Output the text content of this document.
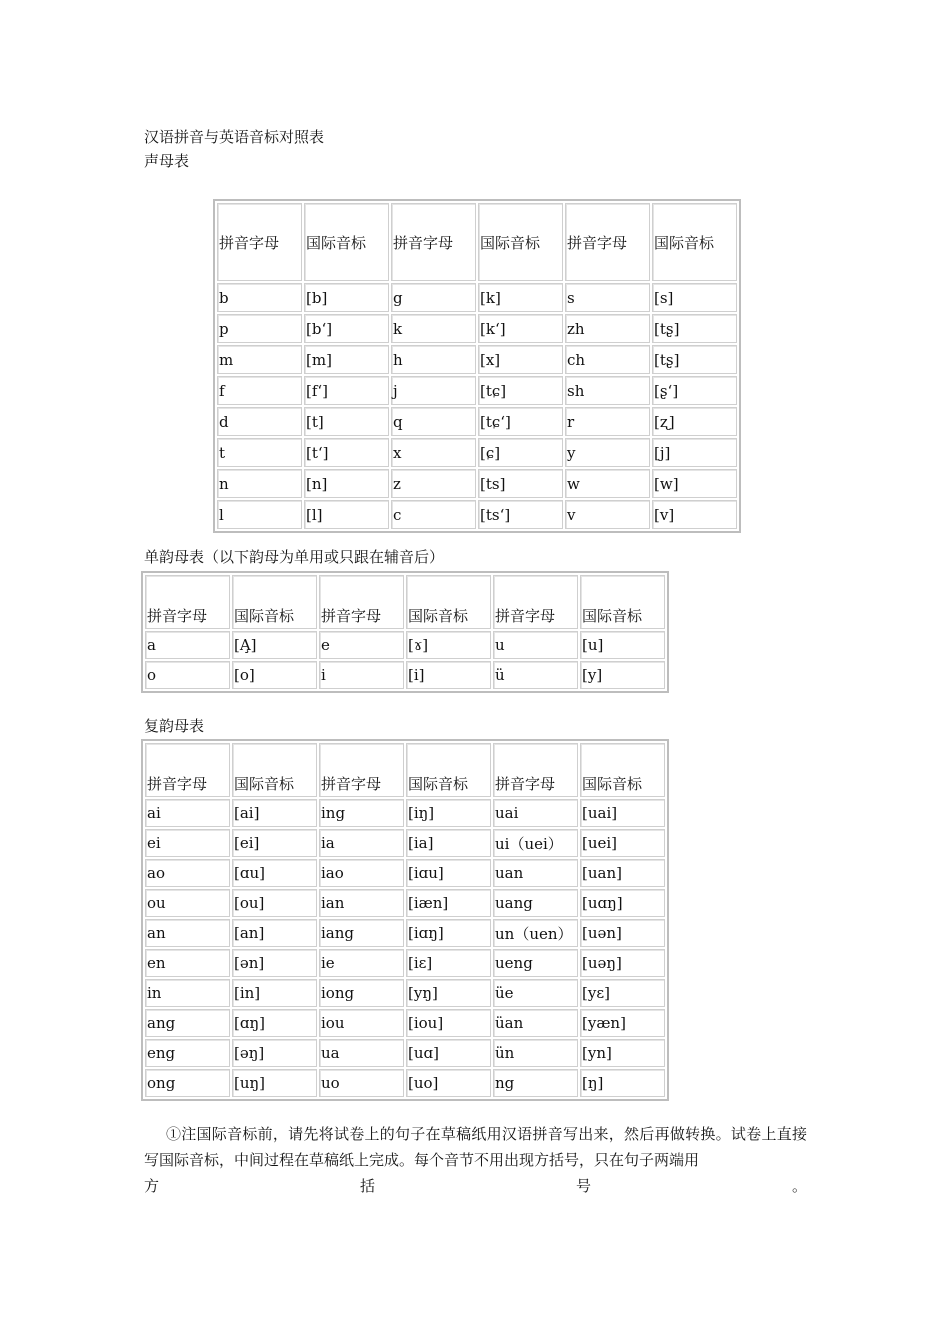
汉语拼音与英语音标对照表
声母表
拼音字母	国际音标	拼音字母	国际音标	拼音字母	国际音标
b	[b]	g	[k]	s	[s]
p	[b‘]	k	[k‘]	zh	[tʂ]
m	[m]	h	[x]	ch	[tʂ]
f	[f‘]	j	[tɕ]	sh	[ʂ‘]
d	[t]	q	[tɕ‘]	r	[ʐ]
t	[t‘]	x	[ɕ]	y	[j]
n	[n]	z	[ts]	w	[w]
l	[l]	c	[ts‘]	v	[v]
单韵母表（以下韵母为单用或只跟在辅音后）
拼音字母	国际音标	拼音字母	国际音标	拼音字母	国际音标
a	[A̧]	e	[ɤ]	u	[u]
o	[o]	i	[i]	ü	[y]
复韵母表
拼音字母	国际音标	拼音字母	国际音标	拼音字母	国际音标
ai	[ai]	ing	[iŋ]	uai	[uai]
ei	[ei]	ia	[ia]	ui（uei）	[uei]
ao	[ɑu]	iao	[iɑu]	uan	[uan]
ou	[ou]	ian	[iæn]	uang	[uɑŋ]
an	[an]	iang	[iɑŋ]	un（uen）	[uən]
en	[ən]	ie	[iɛ]	ueng	[uəŋ]
in	[in]	iong	[yŋ]	üe	[yɛ]
ang	[ɑŋ]	iou	[iou]	üan	[yæn]
eng	[əŋ]	ua	[uɑ]	ün	[yn]
ong	[uŋ]	uo	[uo]	ng	[ŋ]

①注国际音标前，请先将试卷上的句子在草稿纸用汉语拼音写出来，然后再做转换。试卷上直接写国际音标，中间过程在草稿纸上完成。每个音节不用出现方括号，只在句子两端用

方	括	号	。
